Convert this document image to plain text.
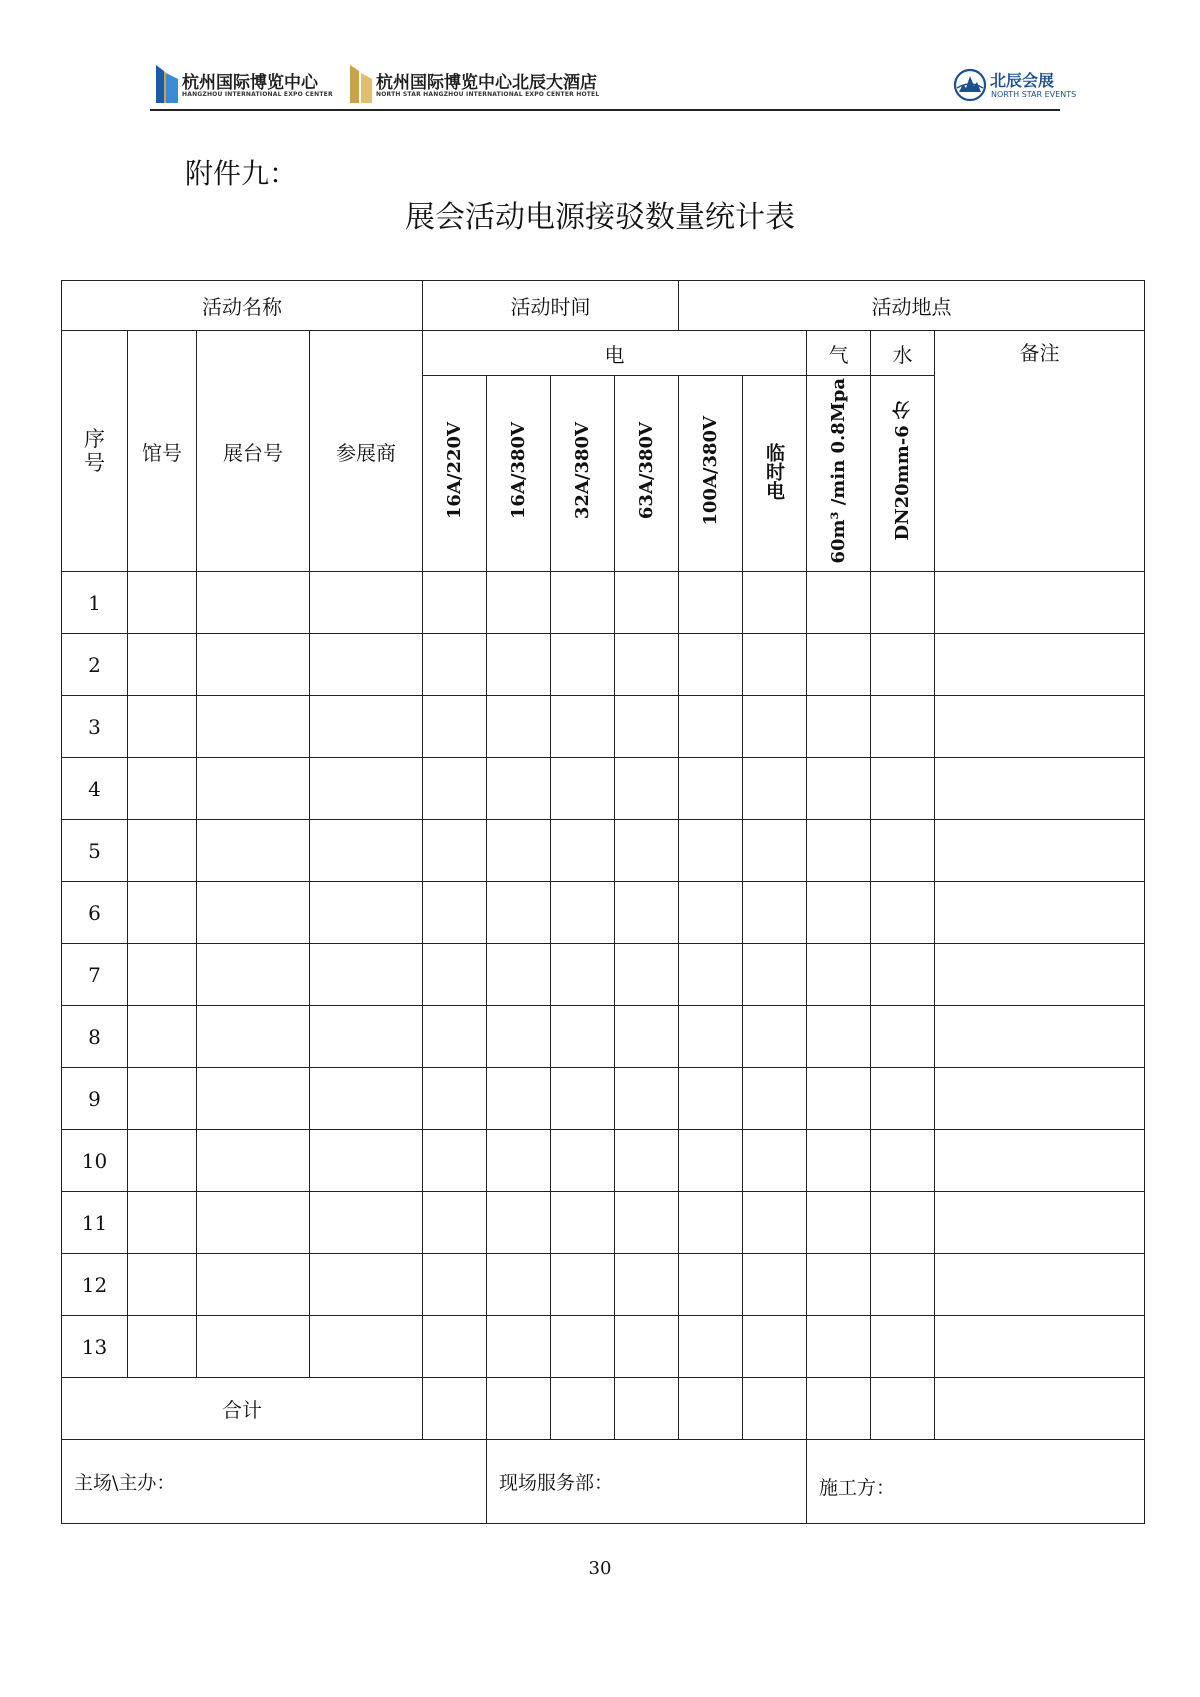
杭州国际博览中心
HANGZHOU INTERNATIONAL EXPO CENTER
杭州国际博览中心北辰大酒店
NORTH STAR HANGZHOU INTERNATIONAL EXPO CENTER HOTEL
北辰会展
NORTH STAR EVENTS
附件九：
展会活动电源接驳数量统计表
活动名称				活动时间				活动地点				
序号	馆号	展台号	参展商	电						气	水	备注
				16A/220V	16A/380V	32A/380V	63A/380V	100A/380V	临时电	60m³ /min 0.8Mpa	DN20mm-6 分	
1												
2												
3												
4												
5												
6												
7												
8												
9												
10												
11												
12												
13												
合计												
主场\主办：					现场服务部：					施工方：		
30
